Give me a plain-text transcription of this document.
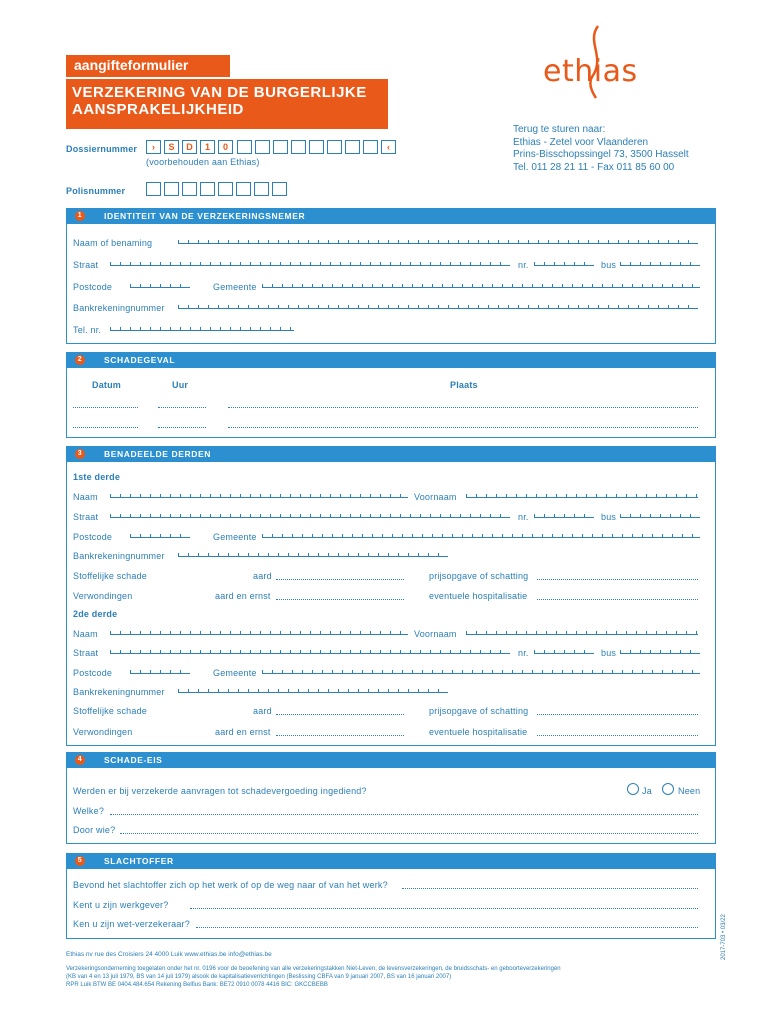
aangifteformulier
VERZEKERING VAN DE BURGERLIJKE
AANSPRAKELIJKHEID
ethias
Terug te sturen naar:
Ethias - Zetel voor Vlaanderen
Prins-Bisschopssingel 73, 3500 Hasselt
Tel. 011 28 21 11 - Fax 011 85 60 00
Dossiernummer	›	S	D	1	0	‹
(voorbehouden aan Ethias)
Polisnummer
1	IDENTITEIT VAN DE VERZEKERINGSNEMER
Naam of benaming
Straat	nr.	bus
Postcode	Gemeente
Bankrekeningnummer
Tel. nr.
2	SCHADEGEVAL
Datum	Uur	Plaats
3	BENADEELDE DERDEN
1ste derde
Naam	Voornaam
Straat	nr.	bus
Postcode	Gemeente
Bankrekeningnummer
Stoffelijke schade	aard	prijsopgave of schatting
Verwondingen	aard en ernst	eventuele hospitalisatie
2de derde
Naam	Voornaam
Straat	nr.	bus
Postcode	Gemeente
Bankrekeningnummer
Stoffelijke schade	aard	prijsopgave of schatting
Verwondingen	aard en ernst	eventuele hospitalisatie
4	SCHADE-EIS
Werden er bij verzekerde aanvragen tot schadevergoeding ingediend?	Ja	Neen
Welke?
Door wie?
5	SLACHTOFFER
Bevond het slachtoffer zich op het werk of op de weg naar of van het werk?
Kent u zijn werkgever?
Ken u zijn wet-verzekeraar?
Ethias nv rue des Croisiers 24 4000 Luik www.ethias.be info@ethias.be
Verzekeringsonderneming toegelaten onder het nr. 0196 voor de beoefening van alle verzekeringstakken Niet-Leven, de levensverzekeringen, de bruidsschats- en geboorteverzekeringen
(KB van 4 en 13 juli 1979, BS van 14 juli 1979) alsook de kapitalisatieverrichtingen (Beslissing CBFA van 9 januari 2007, BS van 16 januari 2007)
RPR Luik BTW BE 0404.484.654 Rekening Belfius Bank: BE72 0910 0078 4416 BIC: GKCCBEBB
2017-703 • 03/22
